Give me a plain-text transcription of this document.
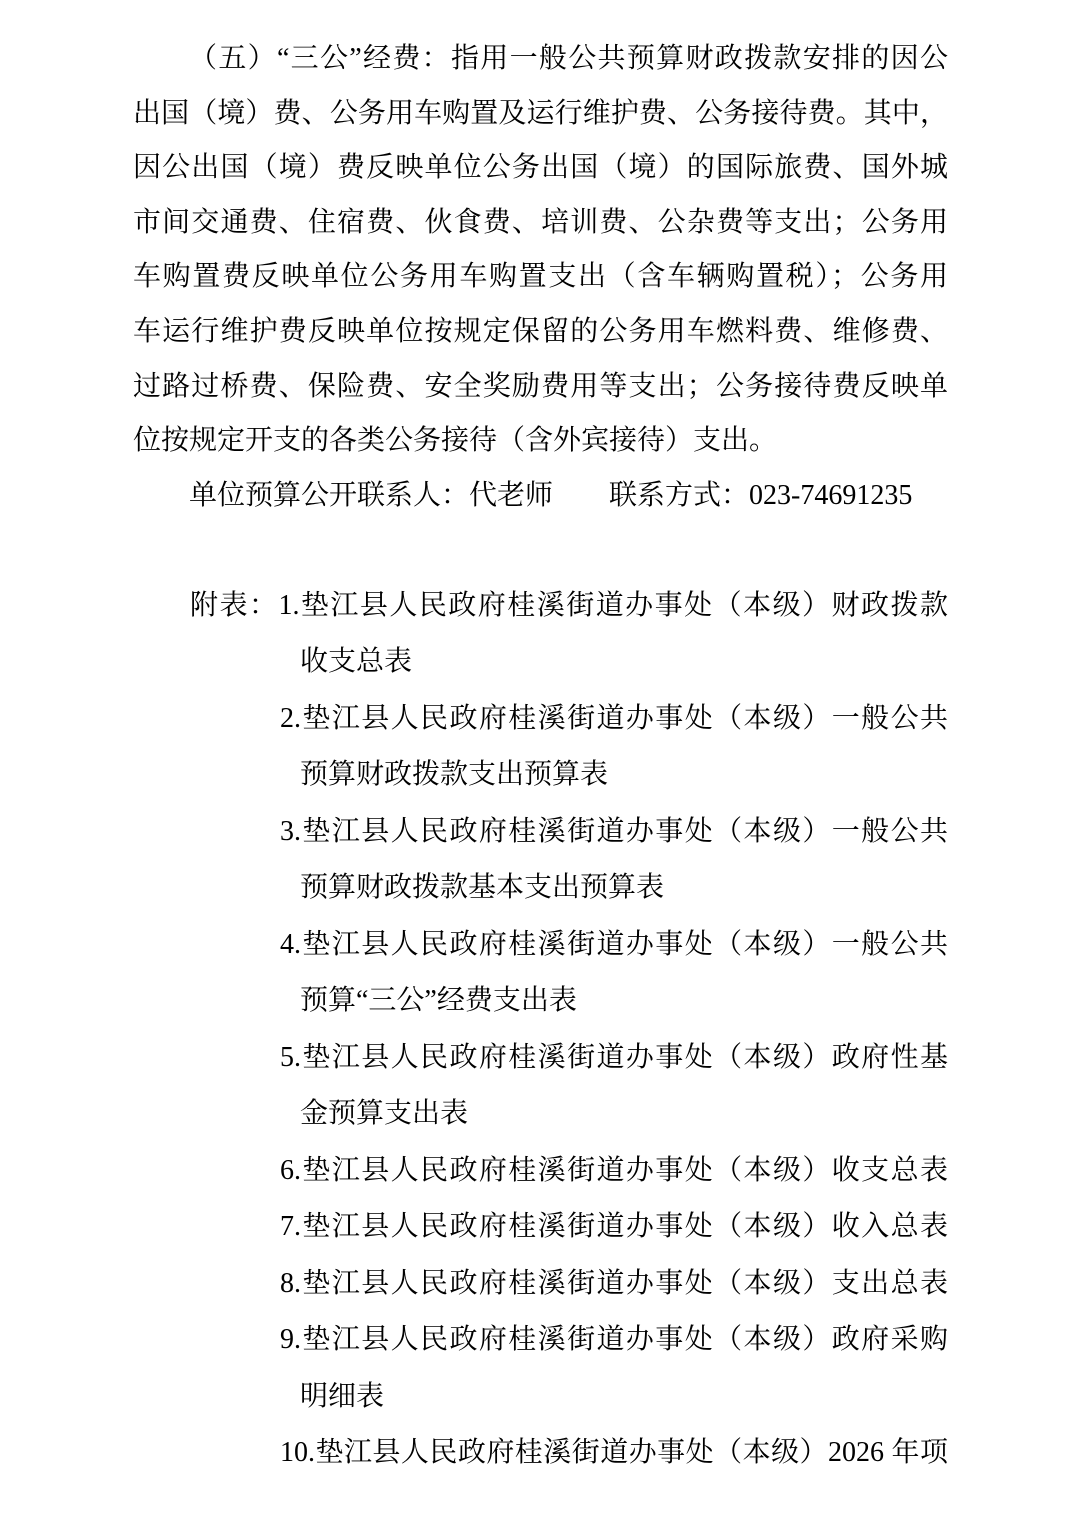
（五）“三公”经费：指用一般公共预算财政拨款安排的因公
出国（境）费、公务用车购置及运行维护费、公务接待费。其中，
因公出国（境）费反映单位公务出国（境）的国际旅费、国外城
市间交通费、住宿费、伙食费、培训费、公杂费等支出；公务用
车购置费反映单位公务用车购置支出（含车辆购置税）；公务用
车运行维护费反映单位按规定保留的公务用车燃料费、维修费、
过路过桥费、保险费、安全奖励费用等支出；公务接待费反映单
位按规定开支的各类公务接待（含外宾接待）支出。
单位预算公开联系人：代老师　　联系方式：023-74691235
附表：1.垫江县人民政府桂溪街道办事处（本级）财政拨款
收支总表
2.垫江县人民政府桂溪街道办事处（本级）一般公共
预算财政拨款支出预算表
3.垫江县人民政府桂溪街道办事处（本级）一般公共
预算财政拨款基本支出预算表
4.垫江县人民政府桂溪街道办事处（本级）一般公共
预算“三公”经费支出表
5.垫江县人民政府桂溪街道办事处（本级）政府性基
金预算支出表
6.垫江县人民政府桂溪街道办事处（本级）收支总表
7.垫江县人民政府桂溪街道办事处（本级）收入总表
8.垫江县人民政府桂溪街道办事处（本级）支出总表
9.垫江县人民政府桂溪街道办事处（本级）政府采购
明细表
10.垫江县人民政府桂溪街道办事处（本级）2026 年项
